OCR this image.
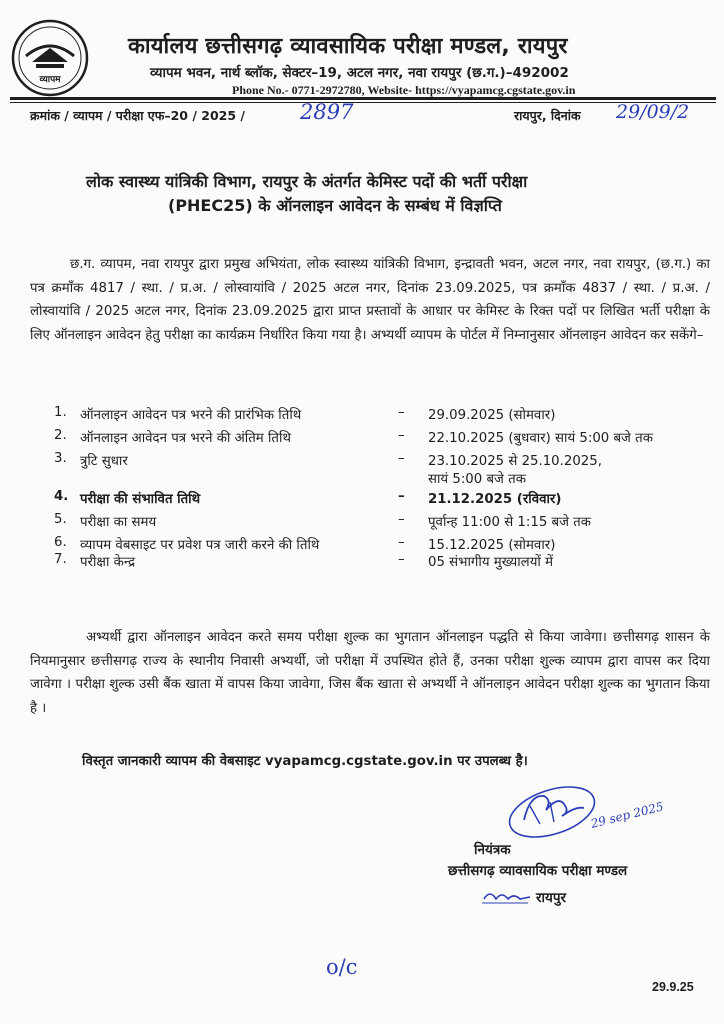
व्यापम
कार्यालय छत्तीसगढ़ व्यावसायिक परीक्षा मण्डल, रायपुर
व्यापम भवन, नार्थ ब्लॉक, सेक्टर–19, अटल नगर, नवा रायपुर (छ.ग.)–492002
Phone No.- 0771-2972780, Website- https://vyapamcg.cgstate.gov.in
क्रमांक / व्यापम / परीक्षा एफ–20 / 2025 /	2897	रायपुर, दिनांक 29/09/2
लोक स्वास्थ्य यांत्रिकी विभाग, रायपुर के अंतर्गत केमिस्ट पदों की भर्ती परीक्षा
(PHEC25) के ऑनलाइन आवेदन के सम्बंध में विज्ञप्ति

छ.ग. व्यापम, नवा रायपुर द्वारा प्रमुख अभियंता, लोक स्वास्थ्य यांत्रिकी विभाग, इन्द्रावती भवन, अटल नगर, नवा रायपुर, (छ.ग.) का पत्र क्रमाँक 4817 / स्था. / प्र.अ. / लोस्वायांवि / 2025 अटल नगर, दिनांक 23.09.2025, पत्र क्रमाँक 4837 / स्था. / प्र.अ. / लोस्वायांवि / 2025 अटल नगर, दिनांक 23.09.2025 द्वारा प्राप्त प्रस्तावों के आधार पर केमिस्ट के रिक्त पदों पर लिखित भर्ती परीक्षा के लिए ऑनलाइन आवेदन हेतु परीक्षा का कार्यक्रम निर्धारित किया गया है। अभ्यर्थी व्यापम के पोर्टल में निम्नानुसार ऑनलाइन आवेदन कर सकेंगे–

1. ऑनलाइन आवेदन पत्र भरने की प्रारंभिक तिथि	– 29.09.2025 (सोमवार)
2. ऑनलाइन आवेदन पत्र भरने की अंतिम तिथि	– 22.10.2025 (बुधवार) सायं 5:00 बजे तक
3. त्रुटि सुधार	– 23.10.2025 से 25.10.2025,
सायं 5:00 बजे तक
4. परीक्षा की संभावित तिथि	– 21.12.2025 (रविवार)
5. परीक्षा का समय	– पूर्वान्ह 11:00 से 1:15 बजे तक
6. व्यापम वेबसाइट पर प्रवेश पत्र जारी करने की तिथि	– 15.12.2025 (सोमवार)
7. परीक्षा केन्द्र	– 05 संभागीय मुख्यालयों में

अभ्यर्थी द्वारा ऑनलाइन आवेदन करते समय परीक्षा शुल्क का भुगतान ऑनलाइन पद्धति से किया जावेगा। छत्तीसगढ़ शासन के नियमानुसार छत्तीसगढ़ राज्य के स्थानीय निवासी अभ्यर्थी, जो परीक्षा में उपस्थित होते हैं, उनका परीक्षा शुल्क व्यापम द्वारा वापस कर दिया जावेगा । परीक्षा शुल्क उसी बैंक खाता में वापस किया जावेगा, जिस बैंक खाता से अभ्यर्थी ने ऑनलाइन आवेदन परीक्षा शुल्क का भुगतान किया है ।

विस्तृत जानकारी व्यापम की वेबसाइट vyapamcg.cgstate.gov.in पर उपलब्ध है।
29 sep 2025
नियंत्रक
छत्तीसगढ़ व्यावसायिक परीक्षा मण्डल
रायपुर
o/c
29.9.25
